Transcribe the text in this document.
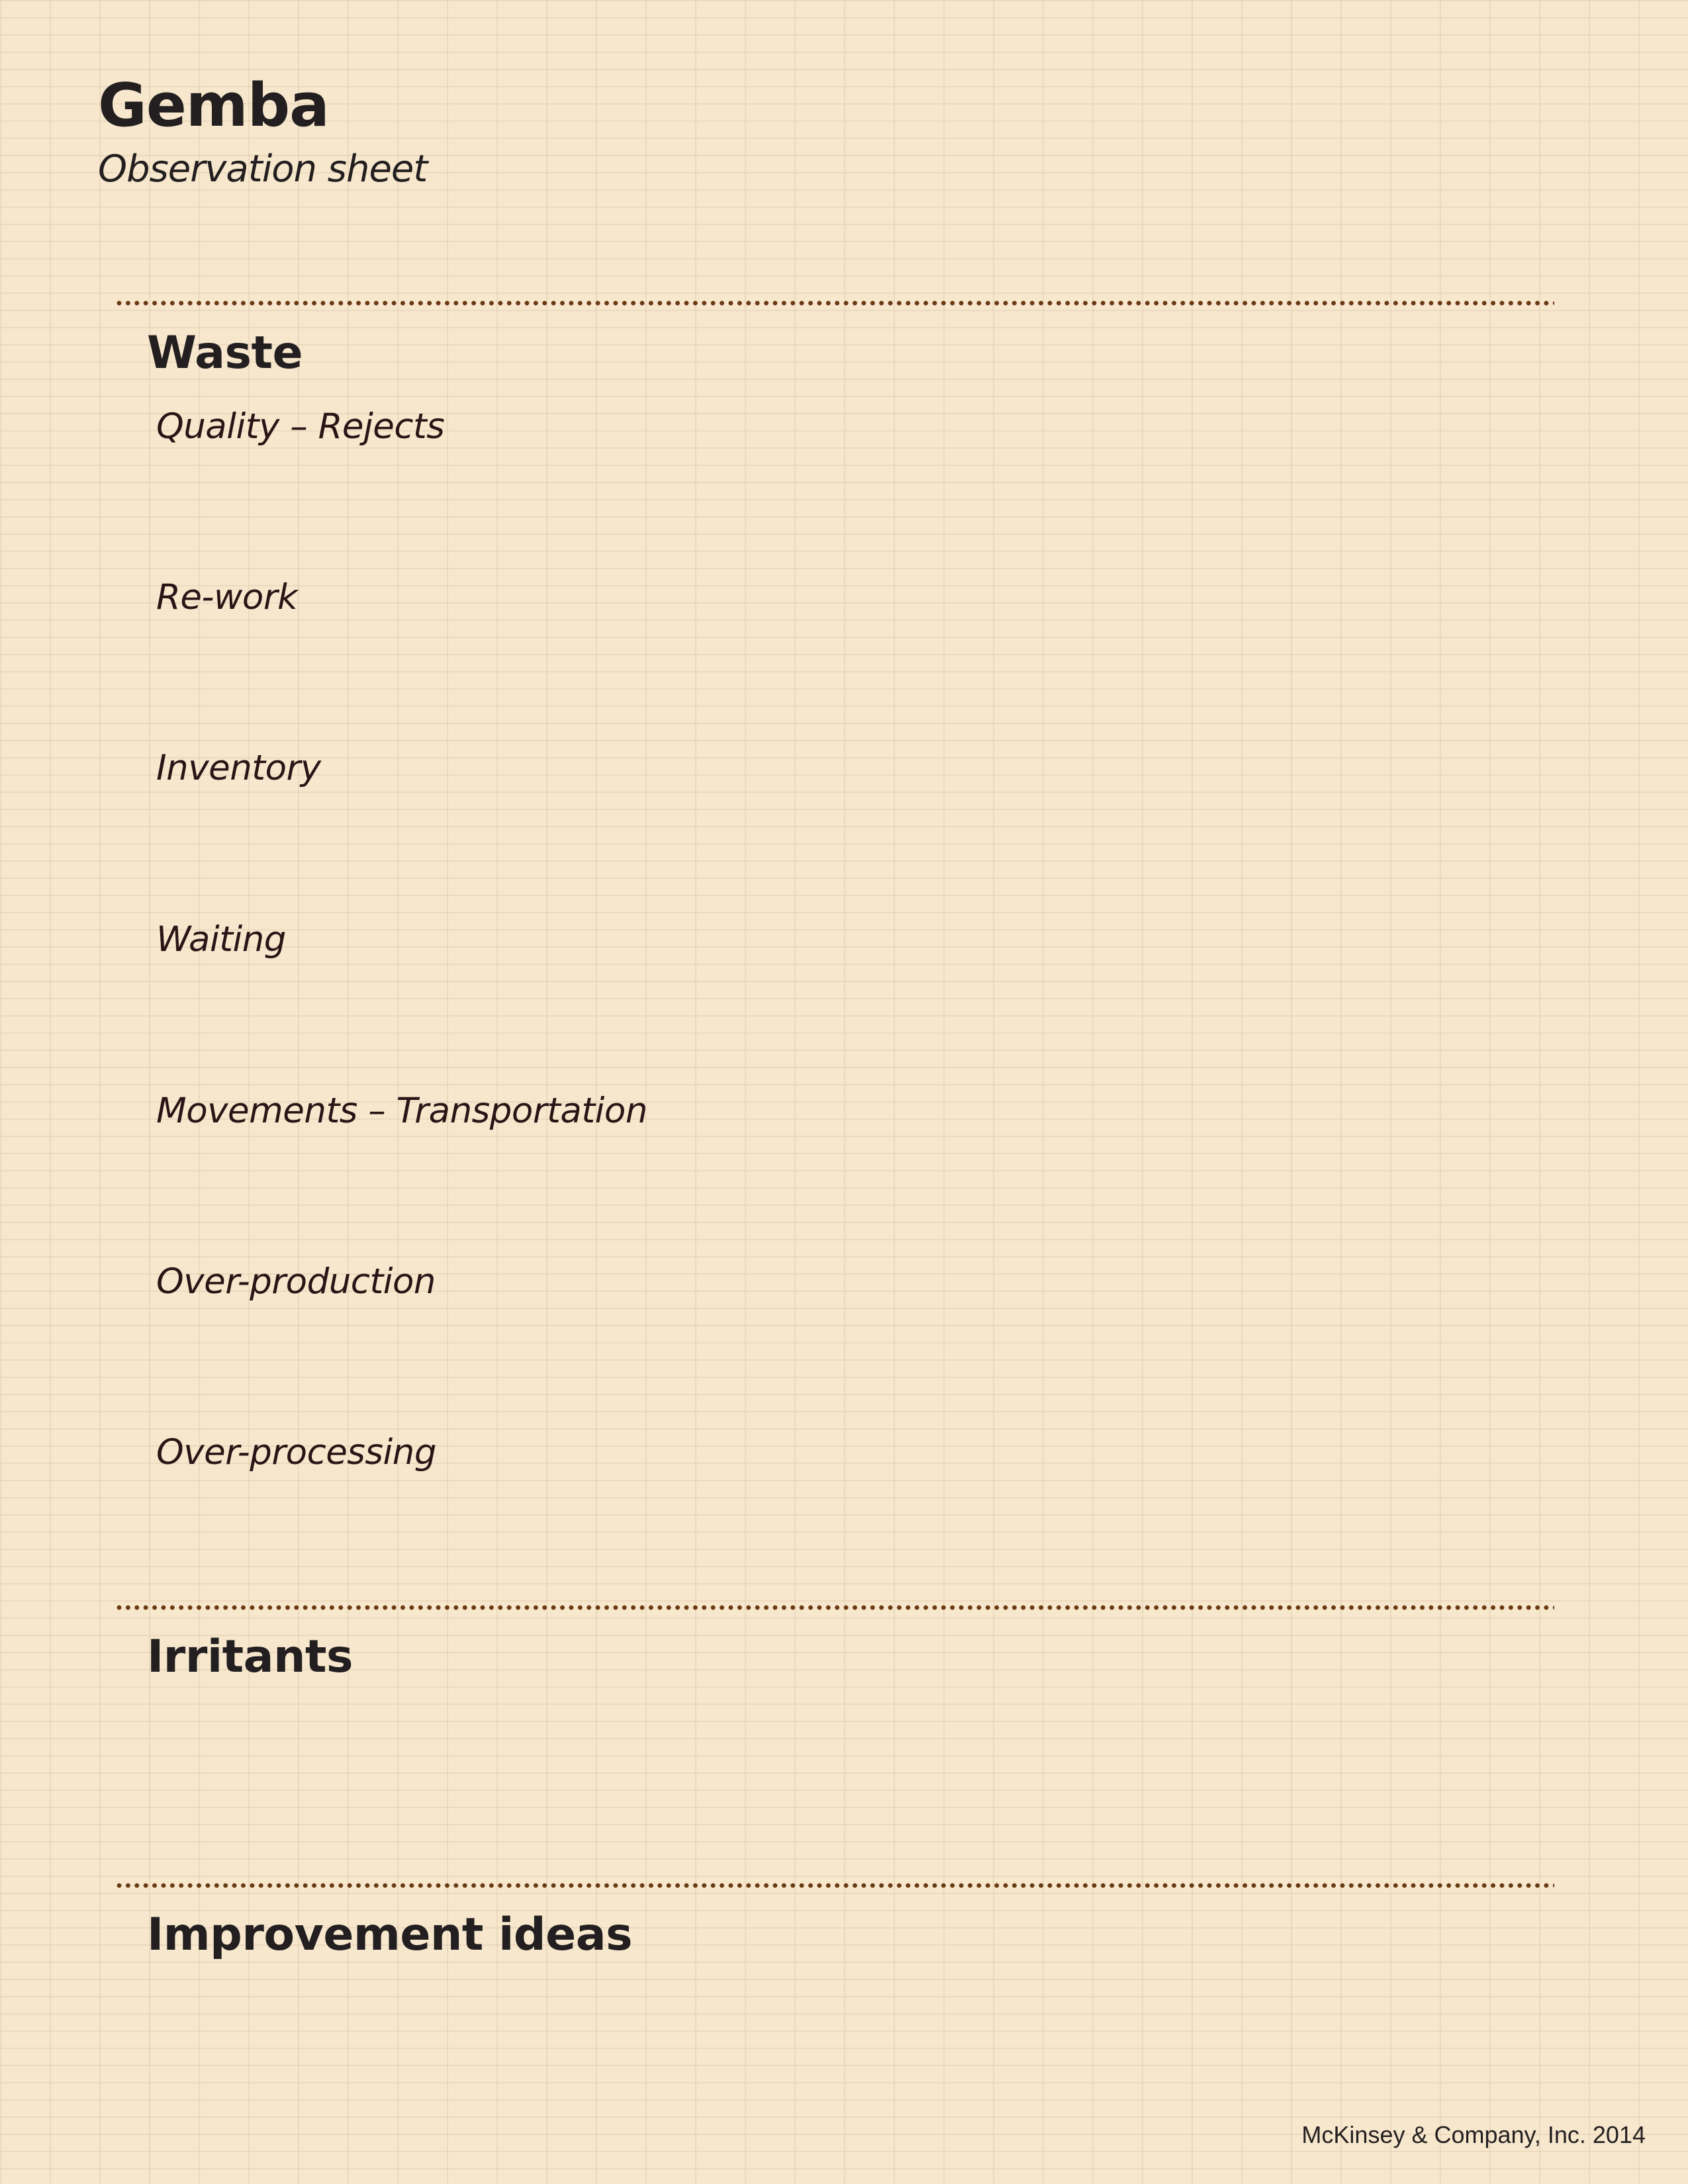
Gemba
Observation sheet
Waste
Quality – Rejects
Re-work
Inventory
Waiting
Movements – Transportation
Over-production
Over-processing
Irritants
Improvement ideas
McKinsey & Company, Inc. 2014
